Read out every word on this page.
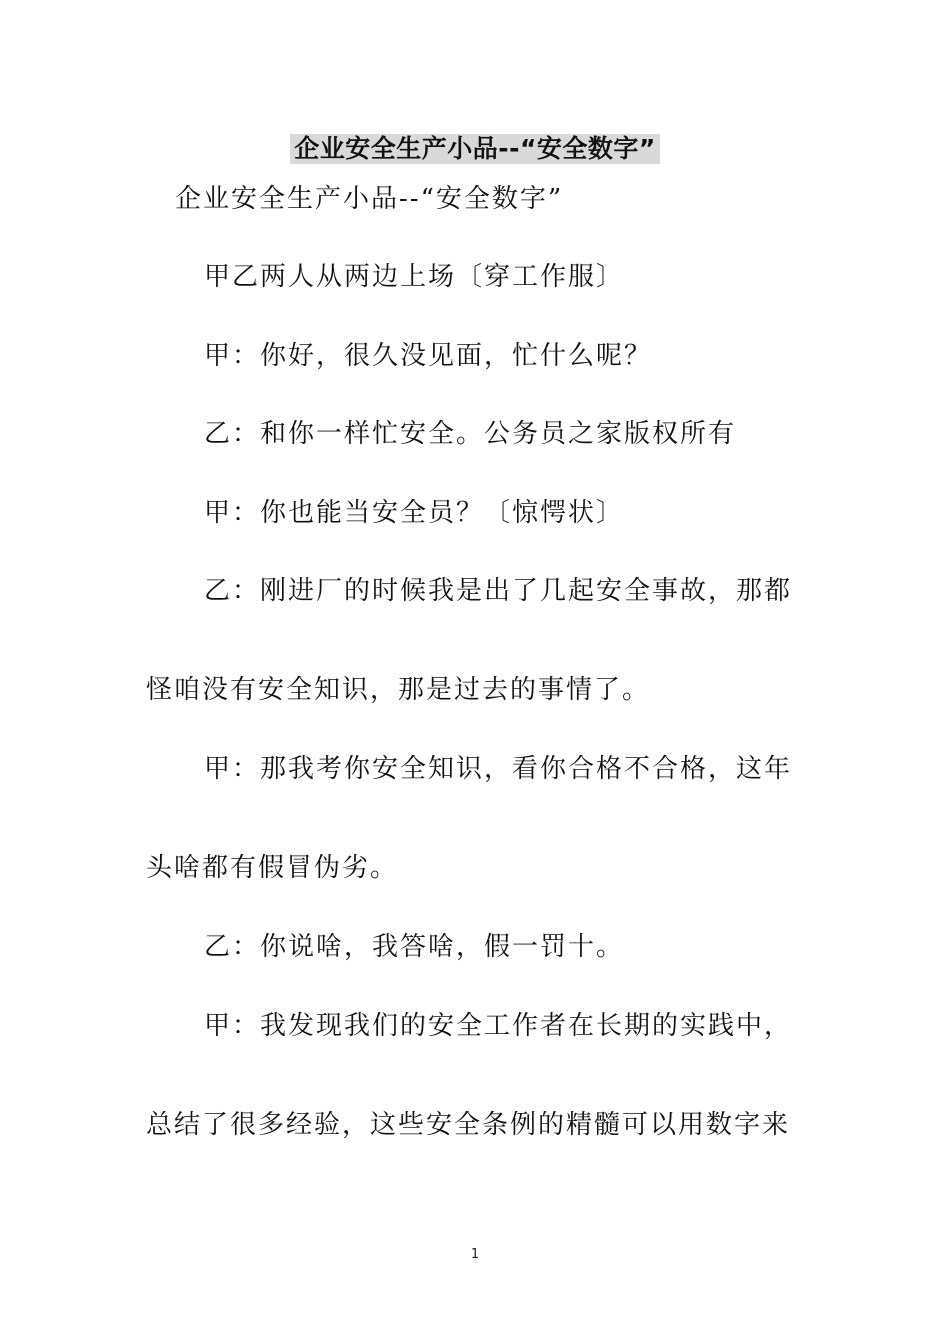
企业安全生产小品--“安全数字”
企业安全生产小品--“安全数字”
甲乙两人从两边上场〔穿工作服〕
甲：你好，很久没见面，忙什么呢？
乙：和你一样忙安全。公务员之家版权所有
甲：你也能当安全员？〔惊愕状〕
乙：刚进厂的时候我是出了几起安全事故，那都
怪咱没有安全知识，那是过去的事情了。
甲：那我考你安全知识，看你合格不合格，这年
头啥都有假冒伪劣。
乙：你说啥，我答啥，假一罚十。
甲：我发现我们的安全工作者在长期的实践中，
总结了很多经验，这些安全条例的精髓可以用数字来
1
